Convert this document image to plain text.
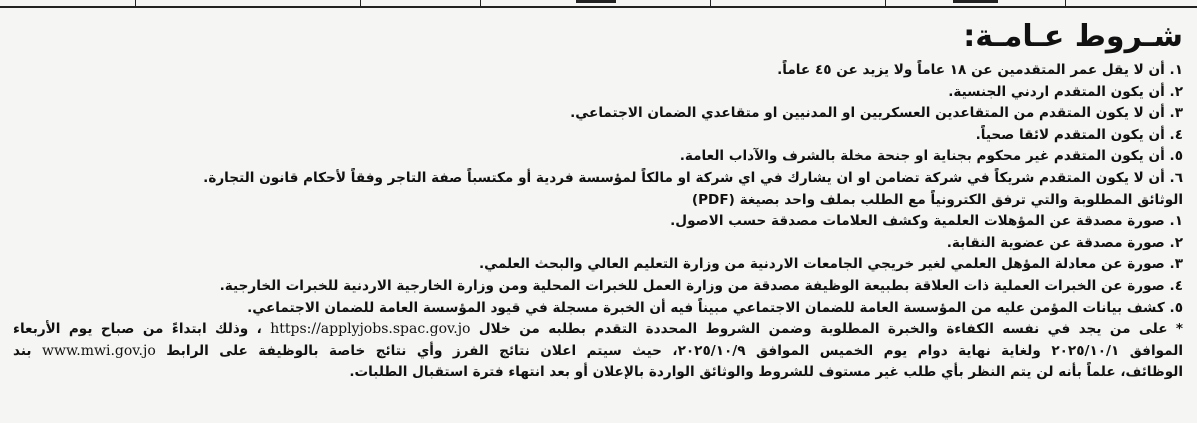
شـروط عـامـة:
١. أن لا يقل عمر المتقدمين عن ١٨ عاماً ولا يزيد عن ٤٥ عاماً.
٢. أن يكون المتقدم اردني الجنسية.
٣. أن لا يكون المتقدم من المتقاعدين العسكريين او المدنيين او متقاعدي الضمان الاجتماعي.
٤. أن يكون المتقدم لائقا صحياً.
٥. أن يكون المتقدم غير محكوم بجناية او جنحة مخلة بالشرف والآداب العامة.
٦. أن لا يكون المتقدم شريكاً في شركة تضامن او ان يشارك في اي شركة او مالكاً لمؤسسة فردية أو مكتسباً صفة التاجر وفقاً لأحكام قانون التجارة.
الوثائق المطلوبة والتي ترفق الكترونياً مع الطلب بملف واحد بصيغة (PDF)
١. صورة مصدقة عن المؤهلات العلمية وكشف العلامات مصدقة حسب الاصول.
٢. صورة مصدقة عن عضوية النقابة.
٣. صورة عن معادلة المؤهل العلمي لغير خريجي الجامعات الاردنية من وزارة التعليم العالي والبحث العلمي.
٤. صورة عن الخبرات العملية ذات العلاقة بطبيعة الوظيفة مصدقة من وزارة العمل للخبرات المحلية ومن وزارة الخارجية الاردنية للخبرات الخارجية.
٥. كشف بيانات المؤمن عليه من المؤسسة العامة للضمان الاجتماعي مبيناً فيه أن الخبرة مسجلة في قيود المؤسسة العامة للضمان الاجتماعي.
* على من يجد في نفسه الكفاءة والخبرة المطلوبة وضمن الشروط المحددة التقدم بطلبه من خلال https://applyjobs.spac.gov.jo ، وذلك ابتداءً من صباح يوم الأربعاء
الموافق ٢٠٢٥/١٠/١ ولغاية نهاية دوام يوم الخميس الموافق ٢٠٢٥/١٠/٩، حيث سيتم اعلان نتائج الفرز وأي نتائج خاصة بالوظيفة على الرابط www.mwi.gov.jo بند
الوظائف، علماً بأنه لن يتم النظر بأي طلب غير مستوف للشروط والوثائق الواردة بالإعلان أو بعد انتهاء فترة استقبال الطلبات.
